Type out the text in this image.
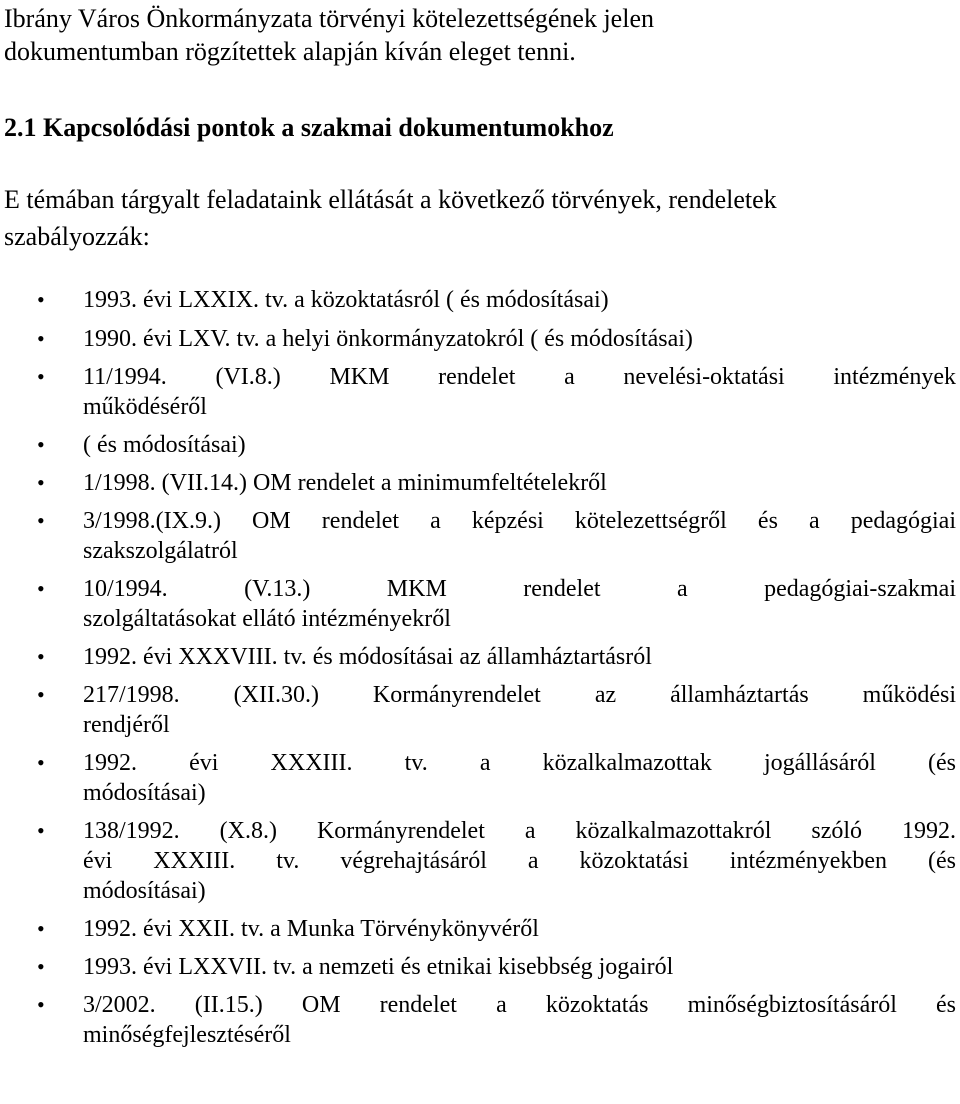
Ibrány Város Önkormányzata törvényi kötelezettségének jelen
dokumentumban rögzítettek alapján kíván eleget tenni.

2.1 Kapcsolódási pontok a szakmai dokumentumokhoz

E témában tárgyalt feladataink ellátását a következő törvények, rendeletek
szabályozzák:

• 1993. évi LXXIX. tv. a közoktatásról ( és módosításai)
• 1990. évi LXV. tv. a helyi önkormányzatokról ( és módosításai)
• 11/1994. (VI.8.) MKM rendelet a nevelési-oktatási intézmények
működéséről
• ( és módosításai)
• 1/1998. (VII.14.) OM rendelet a minimumfeltételekről
• 3/1998.(IX.9.) OM rendelet a képzési kötelezettségről és a pedagógiai
szakszolgálatról
• 10/1994. (V.13.) MKM rendelet a pedagógiai-szakmai
szolgáltatásokat ellátó intézményekről
• 1992. évi XXXVIII. tv. és módosításai az államháztartásról
• 217/1998. (XII.30.) Kormányrendelet az államháztartás működési
rendjéről
• 1992. évi XXXIII. tv. a közalkalmazottak jogállásáról (és
módosításai)
• 138/1992. (X.8.) Kormányrendelet a közalkalmazottakról szóló 1992.
évi XXXIII. tv. végrehajtásáról a közoktatási intézményekben (és
módosításai)
• 1992. évi XXII. tv. a Munka Törvénykönyvéről
• 1993. évi LXXVII. tv. a nemzeti és etnikai kisebbség jogairól
• 3/2002. (II.15.) OM rendelet a közoktatás minőségbiztosításáról és
minőségfejlesztéséről
